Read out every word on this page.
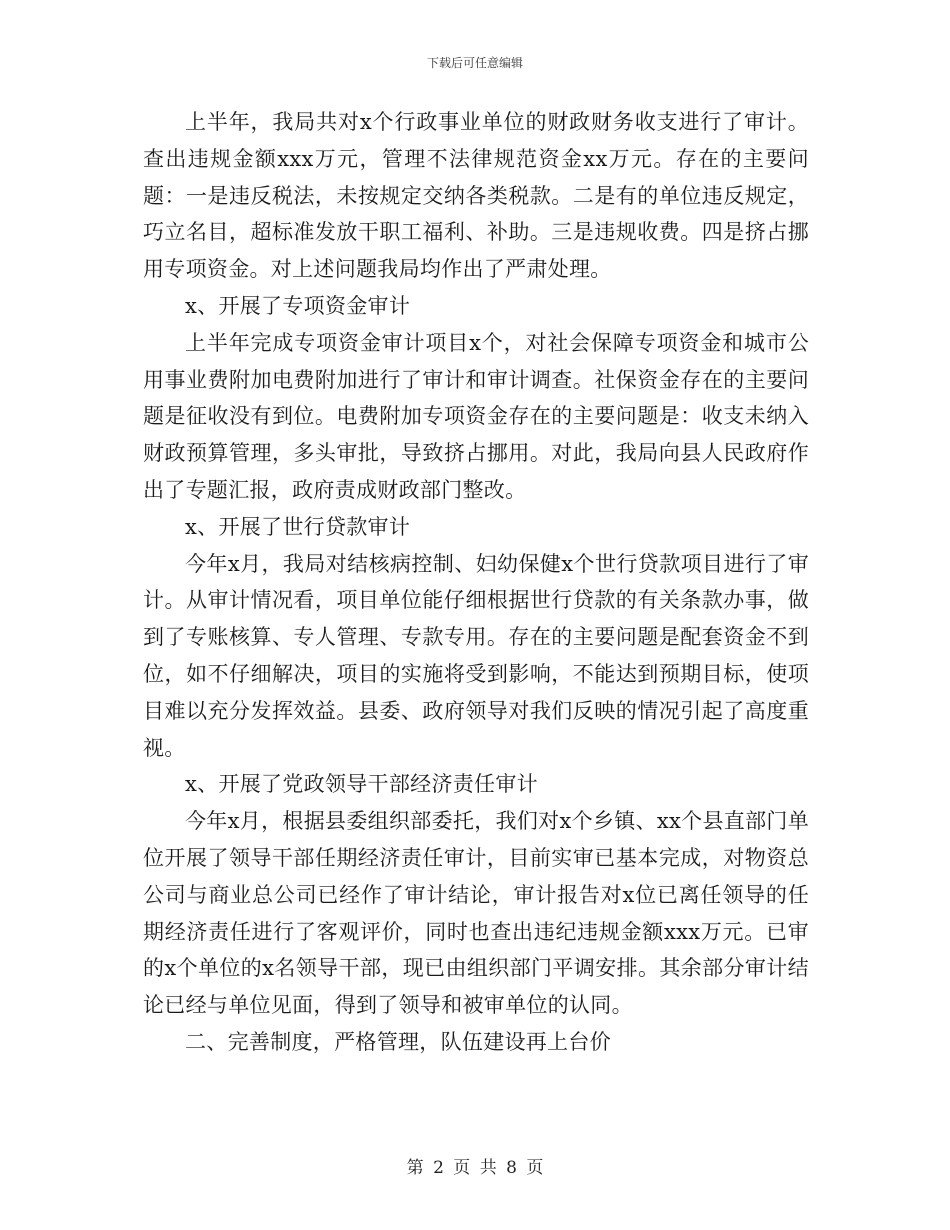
下载后可任意编辑

上半年，我局共对x个行政事业单位的财政财务收支进行了审计。查出违规金额xxx万元，管理不法律规范资金xx万元。存在的主要问题：一是违反税法，未按规定交纳各类税款。二是有的单位违反规定，巧立名目，超标准发放干职工福利、补助。三是违规收费。四是挤占挪用专项资金。对上述问题我局均作出了严肃处理。

x、开展了专项资金审计

上半年完成专项资金审计项目x个，对社会保障专项资金和城市公用事业费附加电费附加进行了审计和审计调查。社保资金存在的主要问题是征收没有到位。电费附加专项资金存在的主要问题是：收支未纳入财政预算管理，多头审批，导致挤占挪用。对此，我局向县人民政府作出了专题汇报，政府责成财政部门整改。

x、开展了世行贷款审计

今年x月，我局对结核病控制、妇幼保健x个世行贷款项目进行了审计。从审计情况看，项目单位能仔细根据世行贷款的有关条款办事，做到了专账核算、专人管理、专款专用。存在的主要问题是配套资金不到位，如不仔细解决，项目的实施将受到影响，不能达到预期目标，使项目难以充分发挥效益。县委、政府领导对我们反映的情况引起了高度重视。

x、开展了党政领导干部经济责任审计

今年x月，根据县委组织部委托，我们对x个乡镇、xx个县直部门单位开展了领导干部任期经济责任审计，目前实审已基本完成，对物资总公司与商业总公司已经作了审计结论，审计报告对x位已离任领导的任期经济责任进行了客观评价，同时也查出违纪违规金额xxx万元。已审的x个单位的x名领导干部，现已由组织部门平调安排。其余部分审计结论已经与单位见面，得到了领导和被审单位的认同。

二、完善制度，严格管理，队伍建设再上台价

第 2 页 共 8 页
